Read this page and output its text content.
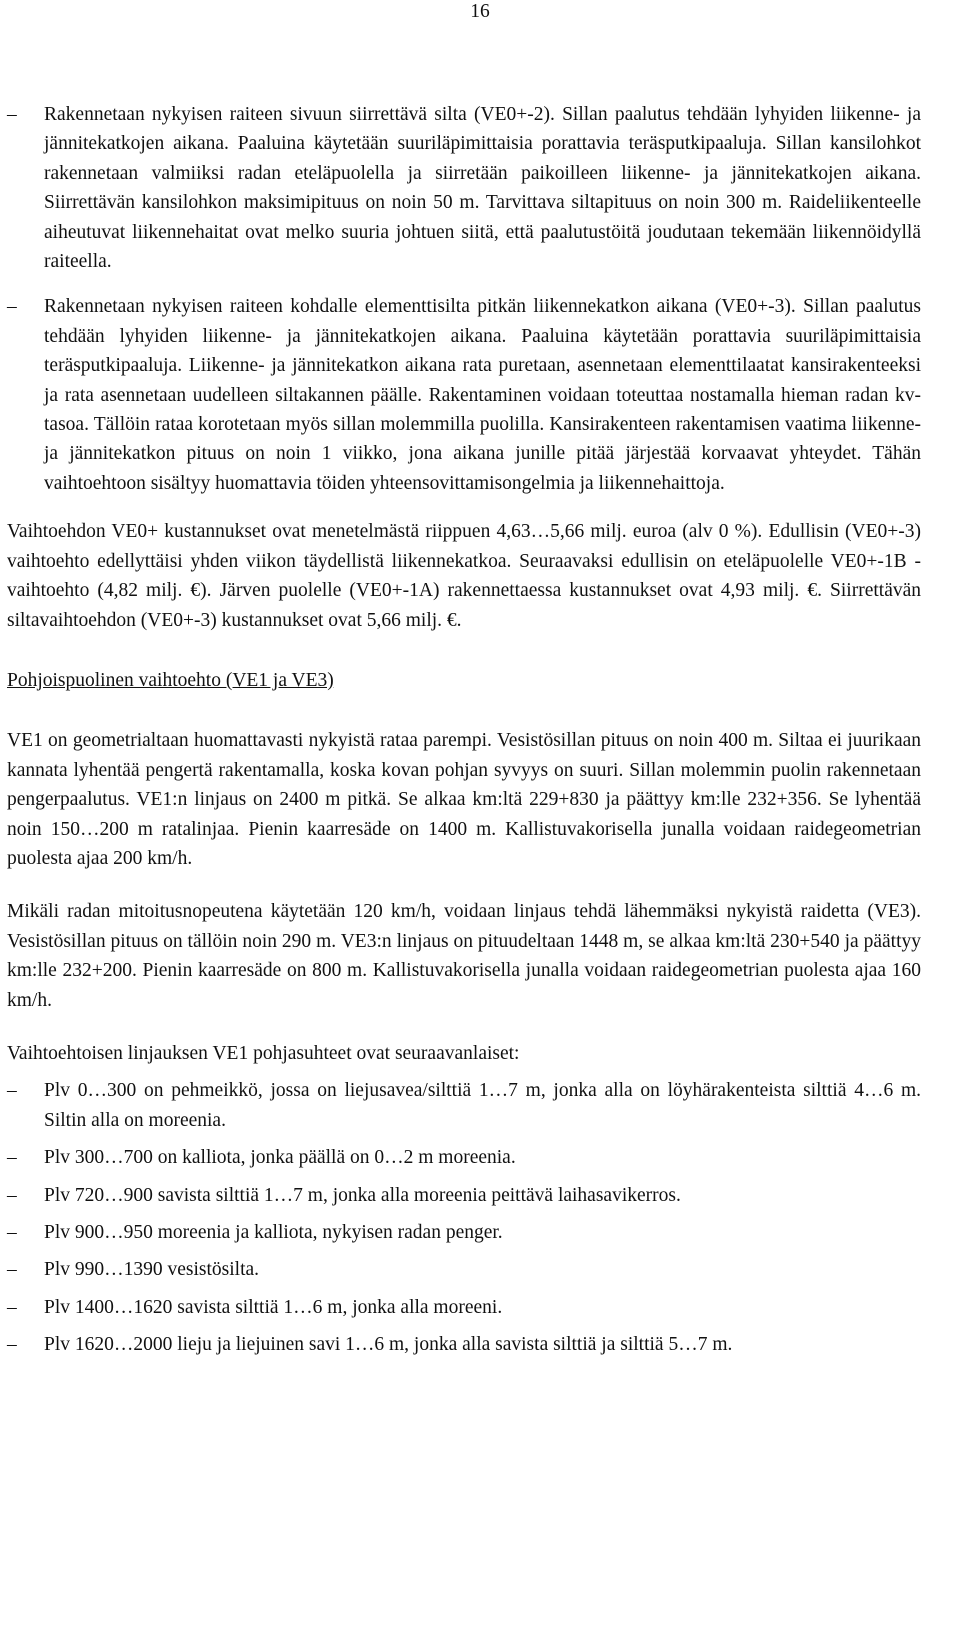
16
– Rakennetaan nykyisen raiteen sivuun siirrettävä silta (VE0+-2). Sillan paalutus tehdään lyhyiden liikenne- ja jännitekatkojen aikana. Paaluina käytetään suuriläpimittaisia porattavia teräsputkipaaluja. Sillan kansilohkot rakennetaan valmiiksi radan eteläpuolella ja siirretään paikoilleen liikenne- ja jännitekatkojen aikana. Siirrettävän kansilohkon maksimipituus on noin 50 m. Tarvittava siltapituus on noin 300 m. Raideliikenteelle aiheutuvat liikennehaitat ovat melko suuria johtuen siitä, että paalutustöitä joudutaan tekemään liikennöidyllä raiteella.
– Rakennetaan nykyisen raiteen kohdalle elementtisilta pitkän liikennekatkon aikana (VE0+-3). Sillan paalutus tehdään lyhyiden liikenne- ja jännitekatkojen aikana. Paaluina käytetään porattavia suuriläpimittaisia teräsputkipaaluja. Liikenne- ja jännitekatkon aikana rata puretaan, asennetaan elementtilaatat kansirakenteeksi ja rata asennetaan uudelleen siltakannen päälle. Rakentaminen voidaan toteuttaa nostamalla hieman radan kv-tasoa. Tällöin rataa korotetaan myös sillan molemmilla puolilla. Kansirakenteen rakentamisen vaatima liikenne- ja jännitekatkon pituus on noin 1 viikko, jona aikana junille pitää järjestää korvaavat yhteydet. Tähän vaihtoehtoon sisältyy huomattavia töiden yhteensovittamisongelmia ja liikennehaittoja.

Vaihtoehdon VE0+ kustannukset ovat menetelmästä riippuen 4,63…5,66 milj. euroa (alv 0 %). Edullisin (VE0+-3) vaihtoehto edellyttäisi yhden viikon täydellistä liikennekatkoa. Seuraavaksi edullisin on eteläpuolelle VE0+-1B -vaihtoehto (4,82 milj. €). Järven puolelle (VE0+-1A) rakennettaessa kustannukset ovat 4,93 milj. €. Siirrettävän siltavaihtoehdon (VE0+-3) kustannukset ovat 5,66 milj. €.

Pohjoispuolinen vaihtoehto (VE1 ja VE3)

VE1 on geometrialtaan huomattavasti nykyistä rataa parempi. Vesistösillan pituus on noin 400 m. Siltaa ei juurikaan kannata lyhentää pengertä rakentamalla, koska kovan pohjan syvyys on suuri. Sillan molemmin puolin rakennetaan pengerpaalutus. VE1:n linjaus on 2400 m pitkä. Se alkaa km:ltä 229+830 ja päättyy km:lle 232+356. Se lyhentää noin 150…200 m ratalinjaa. Pienin kaarresäde on 1400 m. Kallistuvakorisella junalla voidaan raidegeometrian puolesta ajaa 200 km/h.

Mikäli radan mitoitusnopeutena käytetään 120 km/h, voidaan linjaus tehdä lähemmäksi nykyistä raidetta (VE3). Vesistösillan pituus on tällöin noin 290 m. VE3:n linjaus on pituudeltaan 1448 m, se alkaa km:ltä 230+540 ja päättyy km:lle 232+200. Pienin kaarresäde on 800 m. Kallistuvakorisella junalla voidaan raidegeometrian puolesta ajaa 160 km/h.

Vaihtoehtoisen linjauksen VE1 pohjasuhteet ovat seuraavanlaiset:

– Plv 0…300 on pehmeikkö, jossa on liejusavea/silttiä 1…7 m, jonka alla on löyhärakenteista silttiä 4…6 m. Siltin alla on moreenia.
– Plv 300…700 on kalliota, jonka päällä on 0…2 m moreenia.
– Plv 720…900 savista silttiä 1…7 m, jonka alla moreenia peittävä laihasavikerros.
– Plv 900…950 moreenia ja kalliota, nykyisen radan penger.
– Plv 990…1390 vesistösilta.
– Plv 1400…1620 savista silttiä 1…6 m, jonka alla moreeni.
– Plv 1620…2000 lieju ja liejuinen savi 1…6 m, jonka alla savista silttiä ja silttiä 5…7 m.
